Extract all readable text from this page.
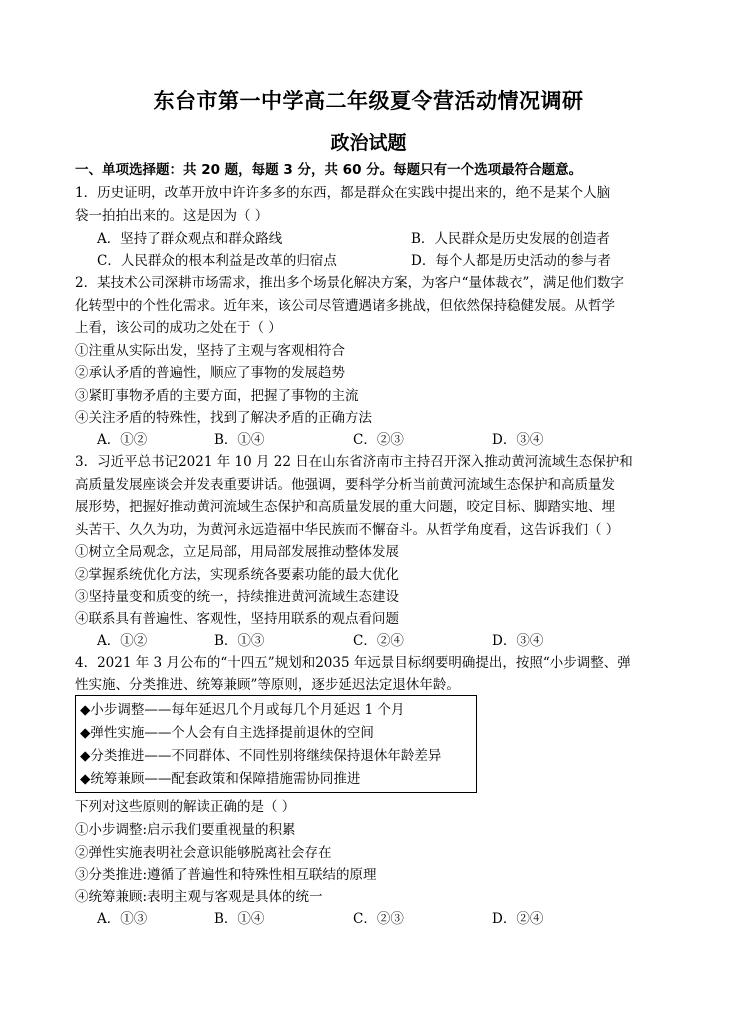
东台市第一中学高二年级夏令营活动情况调研
政治试题
一、单项选择题：共 20 题，每题 3 分，共 60 分。每题只有一个选项最符合题意。
1．历史证明，改革开放中许许多多的东西，都是群众在实践中提出来的，绝不是某个人脑
袋一拍拍出来的。这是因为（ ）
A．坚持了群众观点和群众路线	B．人民群众是历史发展的创造者
C．人民群众的根本利益是改革的归宿点	D．每个人都是历史活动的参与者
2．某技术公司深耕市场需求，推出多个场景化解决方案，为客户“量体裁衣”，满足他们数字
化转型中的个性化需求。近年来，该公司尽管遭遇诸多挑战，但依然保持稳健发展。从哲学
上看，该公司的成功之处在于（ ）
①注重从实际出发，坚持了主观与客观相符合
②承认矛盾的普遍性，顺应了事物的发展趋势
③紧盯事物矛盾的主要方面，把握了事物的主流
④关注矛盾的特殊性，找到了解决矛盾的正确方法
A．①②	B．①④	C．②③	D．③④
3．习近平总书记2021 年 10 月 22 日在山东省济南市主持召开深入推动黄河流域生态保护和
高质量发展座谈会并发表重要讲话。他强调，要科学分析当前黄河流域生态保护和高质量发
展形势，把握好推动黄河流域生态保护和高质量发展的重大问题，咬定目标、脚踏实地、埋
头苦干、久久为功，为黄河永远造福中华民族而不懈奋斗。从哲学角度看，这告诉我们（ ）
①树立全局观念，立足局部，用局部发展推动整体发展
②掌握系统优化方法，实现系统各要素功能的最大优化
③坚持量变和质变的统一，持续推进黄河流域生态建设
④联系具有普遍性、客观性，坚持用联系的观点看问题
A．①②	B．①③	C．②④	D．③④
4．2021 年 3 月公布的“十四五”规划和2035 年远景目标纲要明确提出，按照“小步调整、弹
性实施、分类推进、统筹兼顾”等原则，逐步延迟法定退休年龄。
◆小步调整——每年延迟几个月或每几个月延迟 1 个月
◆弹性实施——个人会有自主选择提前退休的空间
◆分类推进——不同群体、不同性别将继续保持退休年龄差异
◆统筹兼顾——配套政策和保障措施需协同推进
下列对这些原则的解读正确的是（ ）
①小步调整:启示我们要重视量的积累
②弹性实施表明社会意识能够脱离社会存在
③分类推进:遵循了普遍性和特殊性相互联结的原理
④统筹兼顾:表明主观与客观是具体的统一
A．①③	B．①④	C．②③	D．②④
